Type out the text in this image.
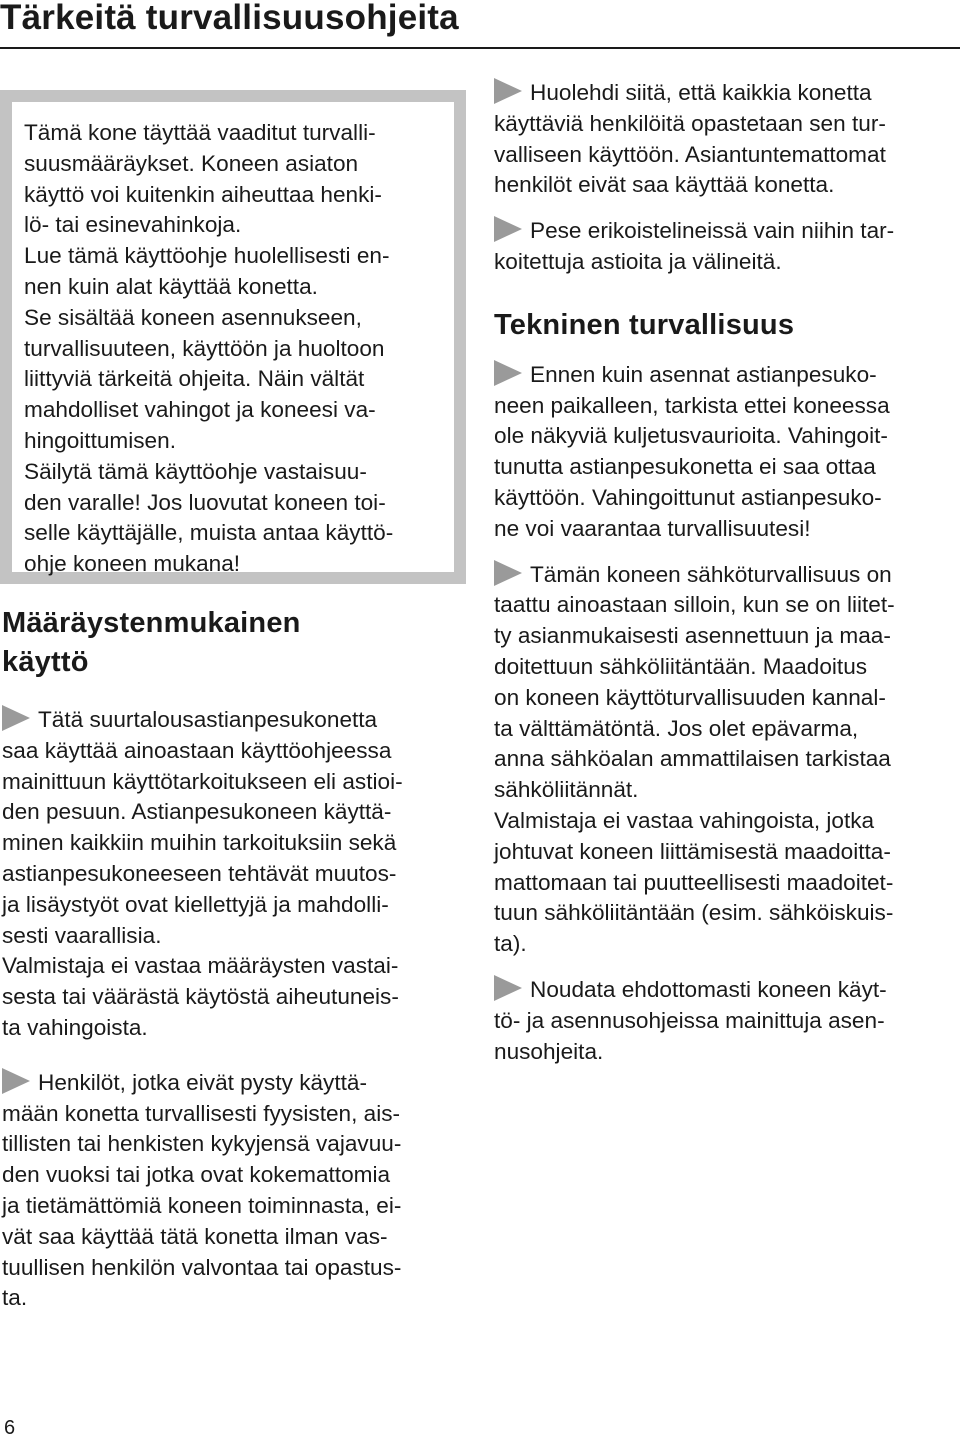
Tärkeitä turvallisuusohjeita
Tämä kone täyttää vaaditut turvalli-
suusmääräykset. Koneen asiaton
käyttö voi kuitenkin aiheuttaa henki-
lö- tai esinevahinkoja.
Lue tämä käyttöohje huolellisesti en-
nen kuin alat käyttää konetta.
Se sisältää koneen asennukseen,
turvallisuuteen, käyttöön ja huoltoon
liittyviä tärkeitä ohjeita. Näin vältät
mahdolliset vahingot ja koneesi va-
hingoittumisen.
Säilytä tämä käyttöohje vastaisuu-
den varalle! Jos luovutat koneen toi-
selle käyttäjälle, muista antaa käyttö-
ohje koneen mukana!
Määräystenmukainen
käyttö
Tätä suurtalousastianpesukonetta
saa käyttää ainoastaan käyttöohjeessa
mainittuun käyttötarkoitukseen eli astioi-
den pesuun. Astianpesukoneen käyttä-
minen kaikkiin muihin tarkoituksiin sekä
astianpesukoneeseen tehtävät muutos-
ja lisäystyöt ovat kiellettyjä ja mahdolli-
sesti vaarallisia.
Valmistaja ei vastaa määräysten vastai-
sesta tai väärästä käytöstä aiheutuneis-
ta vahingoista.
Henkilöt, jotka eivät pysty käyttä-
mään konetta turvallisesti fyysisten, ais-
tillisten tai henkisten kykyjensä vajavuu-
den vuoksi tai jotka ovat kokemattomia
ja tietämättömiä koneen toiminnasta, ei-
vät saa käyttää tätä konetta ilman vas-
tuullisen henkilön valvontaa tai opastus-
ta.
Huolehdi siitä, että kaikkia konetta
käyttäviä henkilöitä opastetaan sen tur-
valliseen käyttöön. Asiantuntemattomat
henkilöt eivät saa käyttää konetta.
Pese erikoistelineissä vain niihin tar-
koitettuja astioita ja välineitä.
Tekninen turvallisuus
Ennen kuin asennat astianpesuko-
neen paikalleen, tarkista ettei koneessa
ole näkyviä kuljetusvaurioita. Vahingoit-
tunutta astianpesukonetta ei saa ottaa
käyttöön. Vahingoittunut astianpesuko-
ne voi vaarantaa turvallisuutesi!
Tämän koneen sähköturvallisuus on
taattu ainoastaan silloin, kun se on liitet-
ty asianmukaisesti asennettuun ja maa-
doitettuun sähköliitäntään. Maadoitus
on koneen käyttöturvallisuuden kannal-
ta välttämätöntä. Jos olet epävarma,
anna sähköalan ammattilaisen tarkistaa
sähköliitännät.
Valmistaja ei vastaa vahingoista, jotka
johtuvat koneen liittämisestä maadoitta-
mattomaan tai puutteellisesti maadoitet-
tuun sähköliitäntään (esim. sähköiskuis-
ta).
Noudata ehdottomasti koneen käyt-
tö- ja asennusohjeissa mainittuja asen-
nusohjeita.
6
